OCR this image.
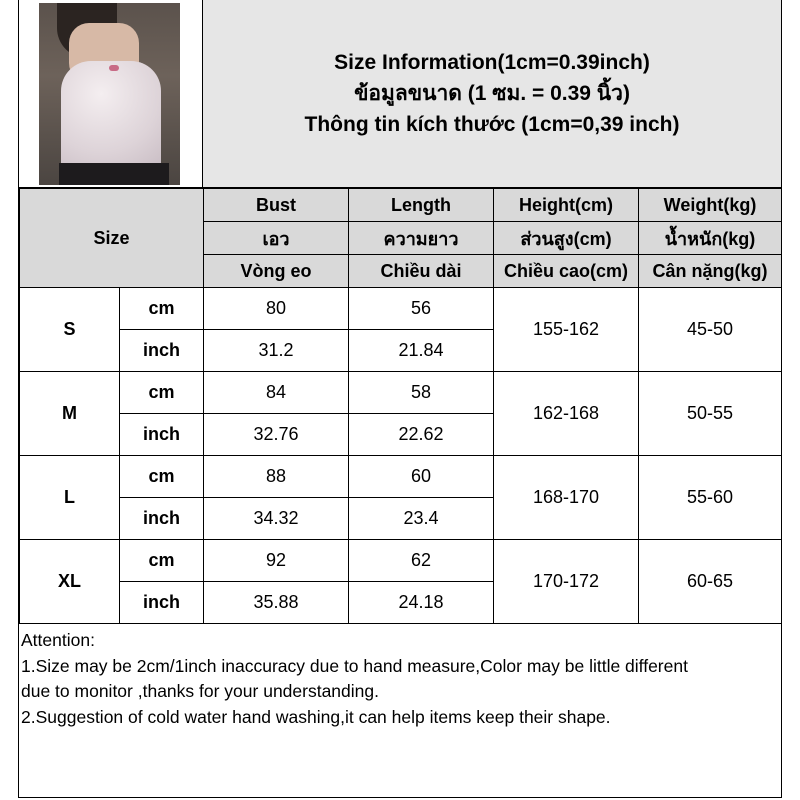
Size Information(1cm=0.39inch)
ข้อมูลขนาด (1 ซม. = 0.39 นิ้ว)
Thông tin kích thước (1cm=0,39 inch)
Size		Bust	Length	Height(cm)	Weight(kg)
		เอว	ความยาว	ส่วนสูง(cm)	น้ำหนัก(kg)
		Vòng eo	Chiều dài	Chiều cao(cm)	Cân nặng(kg)
S	cm	80	56	155-162	45-50
	inch	31.2	21.84		
M	cm	84	58	162-168	50-55
	inch	32.76	22.62		
L	cm	88	60	168-170	55-60
	inch	34.32	23.4		
XL	cm	92	62	170-172	60-65
	inch	35.88	24.18		
Attention:
1.Size may be 2cm/1inch inaccuracy due to hand measure,Color may be little different
due to monitor ,thanks for your understanding.
2.Suggestion of cold water hand washing,it can help items keep their shape.
